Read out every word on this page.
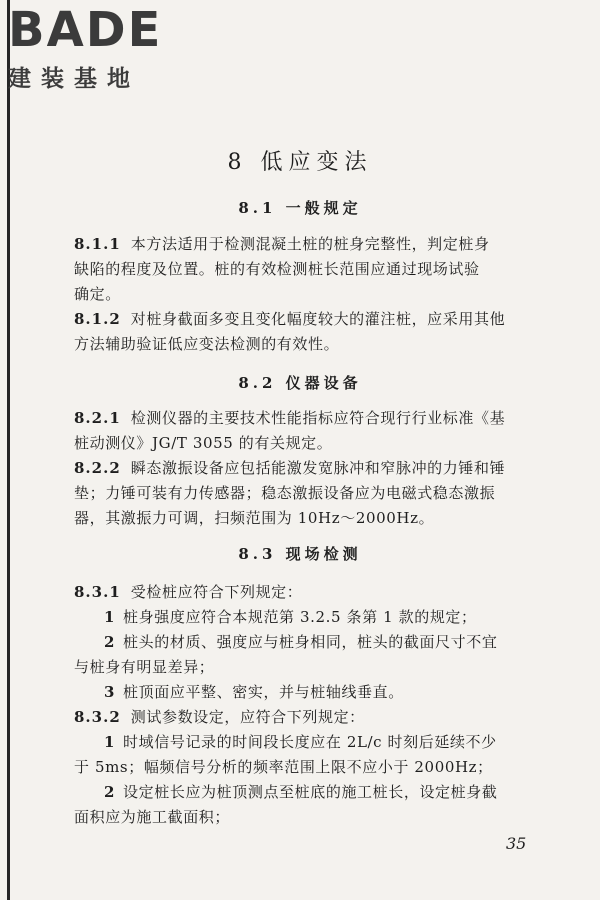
BADE
建装基地
8 低应变法
8.1 一般规定
8.1.1 本方法适用于检测混凝土桩的桩身完整性，判定桩身
缺陷的程度及位置。桩的有效检测桩长范围应通过现场试验
确定。
8.1.2 对桩身截面多变且变化幅度较大的灌注桩，应采用其他
方法辅助验证低应变法检测的有效性。
8.2 仪器设备
8.2.1 检测仪器的主要技术性能指标应符合现行行业标准《基
桩动测仪》JG/T 3055 的有关规定。
8.2.2 瞬态激振设备应包括能激发宽脉冲和窄脉冲的力锤和锤
垫；力锤可装有力传感器；稳态激振设备应为电磁式稳态激振
器，其激振力可调，扫频范围为 10Hz～2000Hz。
8.3 现场检测
8.3.1 受检桩应符合下列规定：
1 桩身强度应符合本规范第 3.2.5 条第 1 款的规定；
2 桩头的材质、强度应与桩身相同，桩头的截面尺寸不宜
与桩身有明显差异；
3 桩顶面应平整、密实，并与桩轴线垂直。
8.3.2 测试参数设定，应符合下列规定：
1 时域信号记录的时间段长度应在 2L/c 时刻后延续不少
于 5ms；幅频信号分析的频率范围上限不应小于 2000Hz；
2 设定桩长应为桩顶测点至桩底的施工桩长，设定桩身截
面积应为施工截面积；
35
